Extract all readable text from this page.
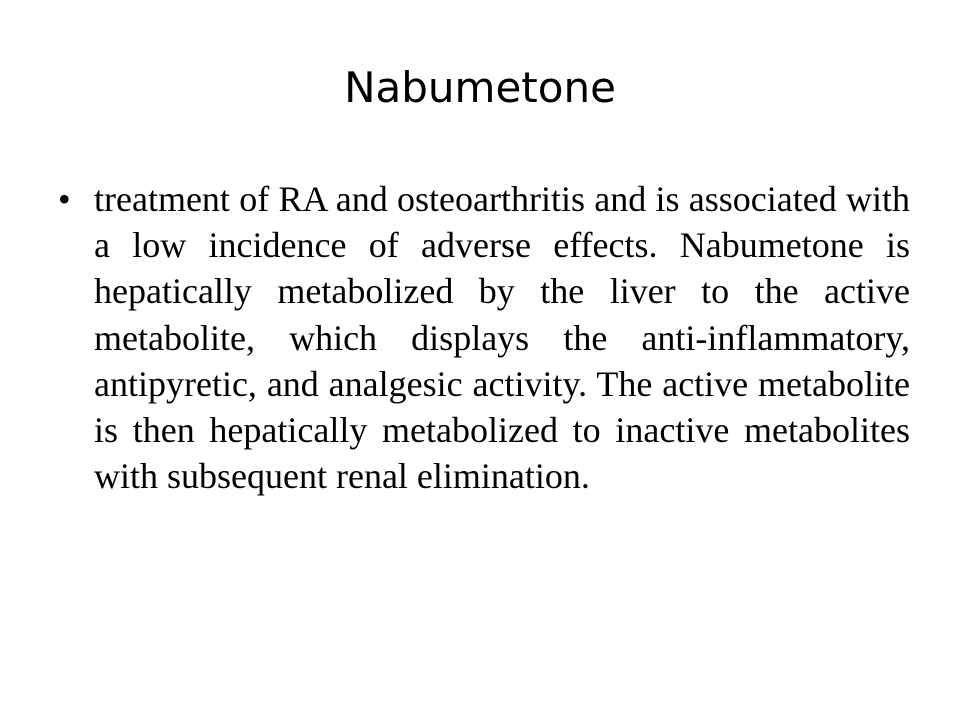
Nabumetone
• treatment of RA and osteoarthritis and is associated with a low incidence of adverse effects. Nabumetone is hepatically metabolized by the liver to the active metabolite, which displays the anti-inflammatory, antipyretic, and analgesic activity. The active metabolite is then hepatically metabolized to inactive metabolites with subsequent renal elimination.
